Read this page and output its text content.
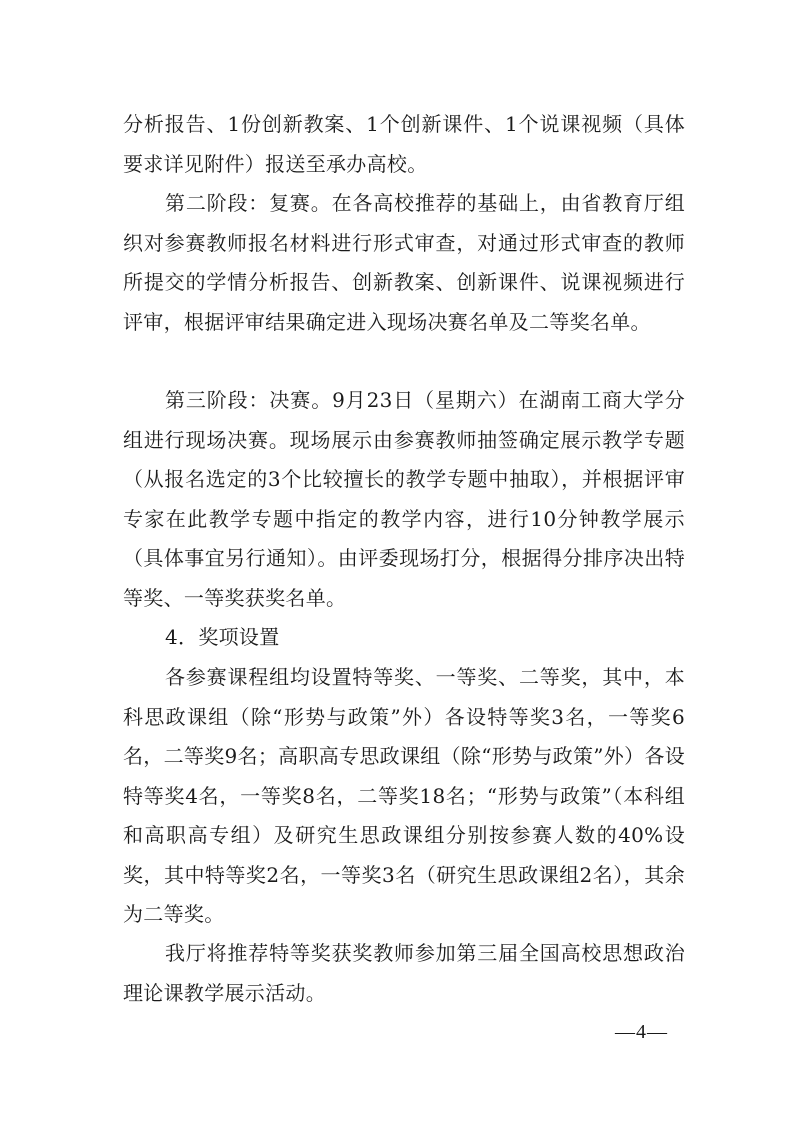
分析报告、1份创新教案、1个创新课件、1个说课视频（具体要求详见附件）报送至承办高校。

第二阶段：复赛。在各高校推荐的基础上，由省教育厅组织对参赛教师报名材料进行形式审查，对通过形式审查的教师所提交的学情分析报告、创新教案、创新课件、说课视频进行评审，根据评审结果确定进入现场决赛名单及二等奖名单。

第三阶段：决赛。9月23日（星期六）在湖南工商大学分组进行现场决赛。现场展示由参赛教师抽签确定展示教学专题（从报名选定的3个比较擅长的教学专题中抽取），并根据评审专家在此教学专题中指定的教学内容，进行10分钟教学展示（具体事宜另行通知）。由评委现场打分，根据得分排序决出特等奖、一等奖获奖名单。

4．奖项设置

各参赛课程组均设置特等奖、一等奖、二等奖，其中，本科思政课组（除“形势与政策”外）各设特等奖3名，一等奖6名，二等奖9名；高职高专思政课组（除“形势与政策”外）各设特等奖4名，一等奖8名，二等奖18名；“形势与政策”（本科组和高职高专组）及研究生思政课组分别按参赛人数的40%设奖，其中特等奖2名，一等奖3名（研究生思政课组2名），其余为二等奖。

我厅将推荐特等奖获奖教师参加第三届全国高校思想政治理论课教学展示活动。

—4—
